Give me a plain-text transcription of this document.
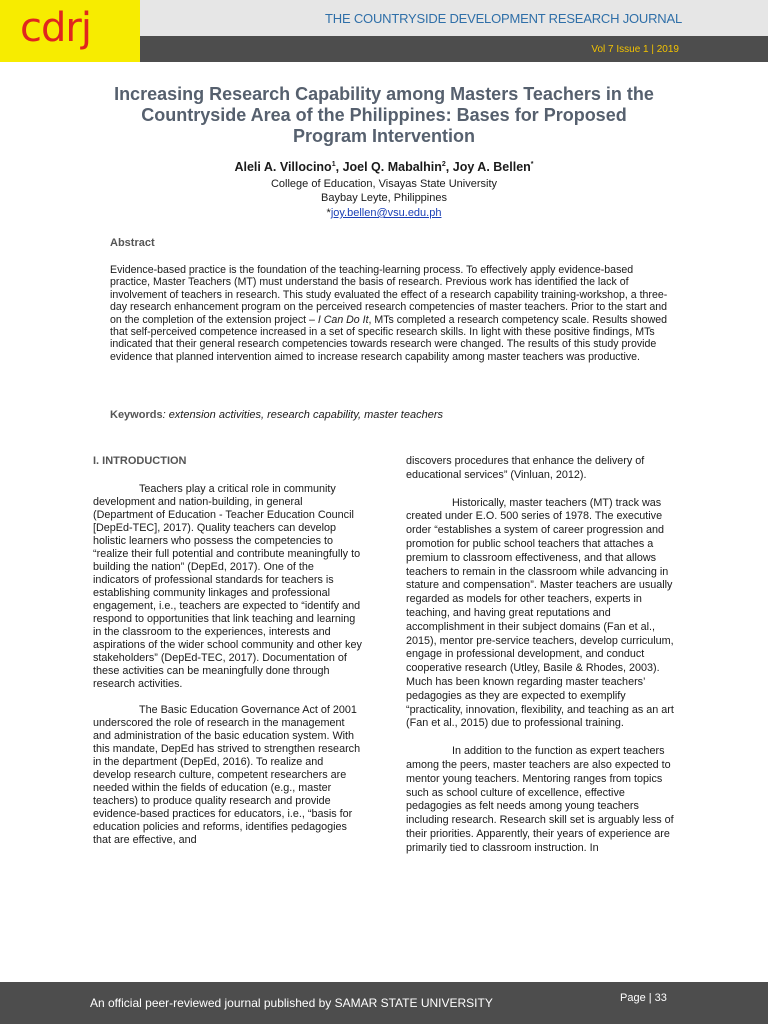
cdrj	THE COUNTRYSIDE DEVELOPMENT RESEARCH JOURNAL
Vol 7 Issue 1 | 2019
Increasing Research Capability among Masters Teachers in the Countryside Area of the Philippines: Bases for Proposed Program Intervention
Aleli A. Villocino$^1$, Joel Q. Mabalhin$^2$, Joy A. Bellen*
College of Education, Visayas State University
Baybay Leyte, Philippines
*joy.bellen@vsu.edu.ph
Abstract
Evidence-based practice is the foundation of the teaching-learning process. To effectively apply evidence-based practice, Master Teachers (MT) must understand the basis of research. Previous work has identified the lack of involvement of teachers in research. This study evaluated the effect of a research capability training-workshop, a three-day research enhancement program on the perceived research competencies of master teachers. Prior to the start and on the completion of the extension project – I Can Do It, MTs completed a research competency scale. Results showed that self-perceived competence increased in a set of specific research skills. In light with these positive findings, MTs indicated that their general research competencies towards research were changed. The results of this study provide evidence that planned intervention aimed to increase research capability among master teachers was productive.
Keywords: extension activities, research capability, master teachers
I. INTRODUCTION

Teachers play a critical role in community development and nation-building, in general (Department of Education - Teacher Education Council [DepEd-TEC], 2017). Quality teachers can develop holistic learners who possess the competencies to “realize their full potential and contribute meaningfully to building the nation” (DepEd, 2017). One of the indicators of professional standards for teachers is establishing community linkages and professional engagement, i.e., teachers are expected to “identify and respond to opportunities that link teaching and learning in the classroom to the experiences, interests and aspirations of the wider school community and other key stakeholders” (DepEd-TEC, 2017). Documentation of these activities can be meaningfully done through research activities.

The Basic Education Governance Act of 2001 underscored the role of research in the management and administration of the basic education system. With this mandate, DepEd has strived to strengthen research in the department (DepEd, 2016). To realize and develop research culture, competent researchers are needed within the fields of education (e.g., master teachers) to produce quality research and provide evidence-based practices for educators, i.e., “basis for education policies and reforms, identifies pedagogies that are effective, and

discovers procedures that enhance the delivery of educational services” (Vinluan, 2012).

Historically, master teachers (MT) track was created under E.O. 500 series of 1978. The executive order “establishes a system of career progression and promotion for public school teachers that attaches a premium to classroom effectiveness, and that allows teachers to remain in the classroom while advancing in stature and compensation”. Master teachers are usually regarded as models for other teachers, experts in teaching, and having great reputations and accomplishment in their subject domains (Fan et al., 2015), mentor pre-service teachers, develop curriculum, engage in professional development, and conduct cooperative research (Utley, Basile & Rhodes, 2003). Much has been known regarding master teachers’ pedagogies as they are expected to exemplify “practicality, innovation, flexibility, and teaching as an art (Fan et al., 2015) due to professional training.

In addition to the function as expert teachers among the peers, master teachers are also expected to mentor young teachers. Mentoring ranges from topics such as school culture of excellence, effective pedagogies as felt needs among young teachers including research. Research skill set is arguably less of their priorities. Apparently, their years of experience are primarily tied to classroom instruction. In

An official peer-reviewed journal published by SAMAR STATE UNIVERSITY	Page | 33
